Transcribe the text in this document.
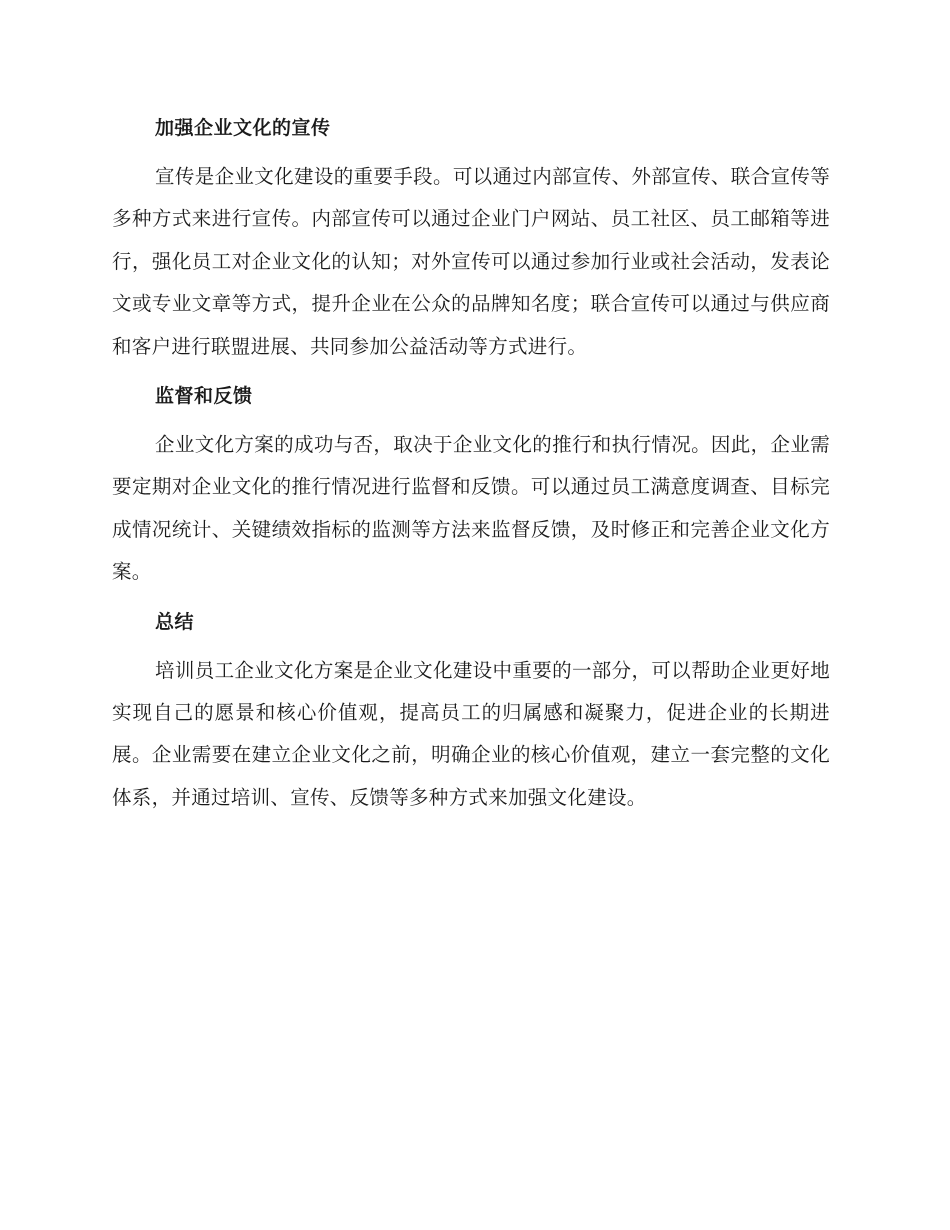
加强企业文化的宣传

宣传是企业文化建设的重要手段。可以通过内部宣传、外部宣传、联合宣传等多种方式来进行宣传。内部宣传可以通过企业门户网站、员工社区、员工邮箱等进行，强化员工对企业文化的认知；对外宣传可以通过参加行业或社会活动，发表论文或专业文章等方式，提升企业在公众的品牌知名度；联合宣传可以通过与供应商和客户进行联盟进展、共同参加公益活动等方式进行。

监督和反馈

企业文化方案的成功与否，取决于企业文化的推行和执行情况。因此，企业需要定期对企业文化的推行情况进行监督和反馈。可以通过员工满意度调查、目标完成情况统计、关键绩效指标的监测等方法来监督反馈，及时修正和完善企业文化方案。

总结

培训员工企业文化方案是企业文化建设中重要的一部分，可以帮助企业更好地实现自己的愿景和核心价值观，提高员工的归属感和凝聚力，促进企业的长期进展。企业需要在建立企业文化之前，明确企业的核心价值观，建立一套完整的文化体系，并通过培训、宣传、反馈等多种方式来加强文化建设。
